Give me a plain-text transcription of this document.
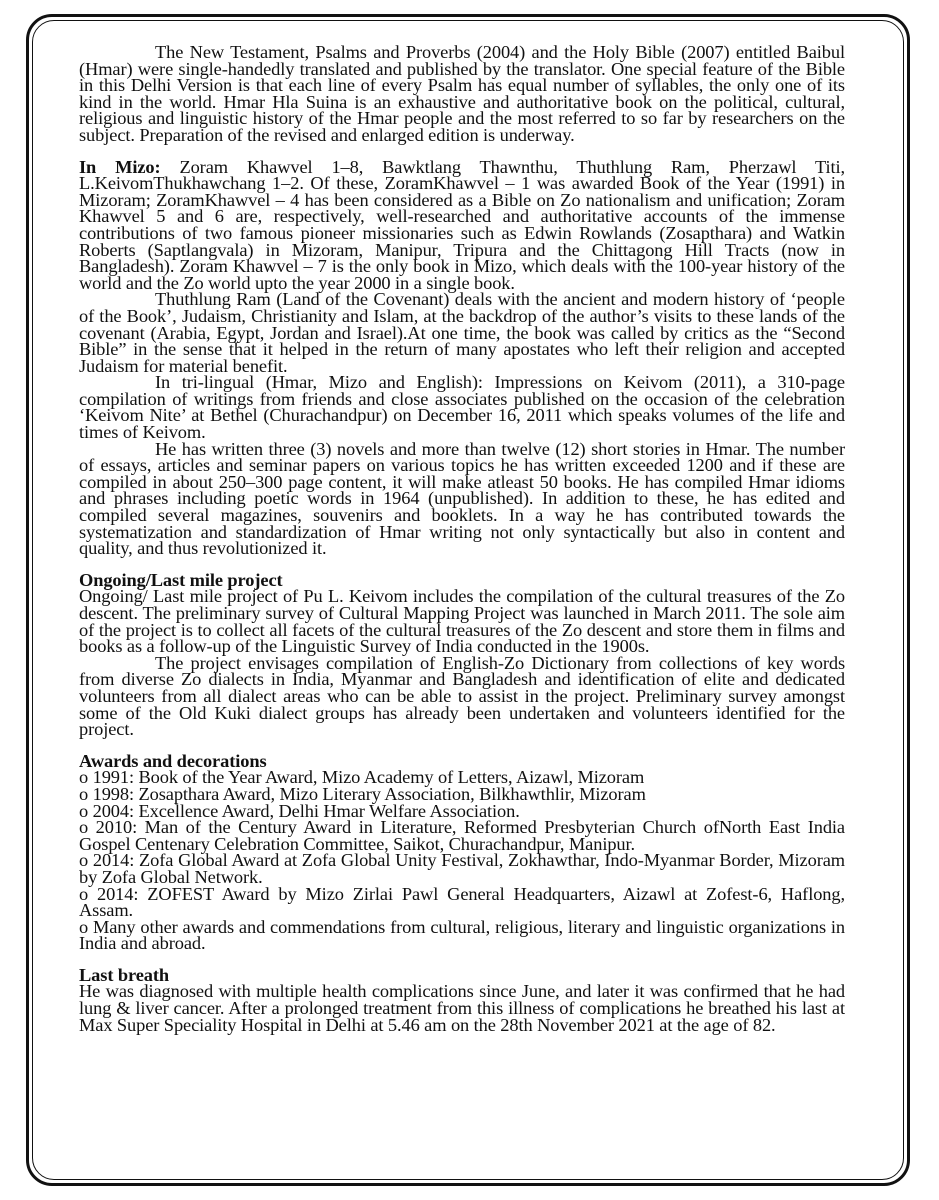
The New Testament, Psalms and Proverbs (2004) and the Holy Bible (2007) entitled Baibul (Hmar) were single-handedly translated and published by the translator. One special feature of the Bible in this Delhi Version is that each line of every Psalm has equal number of syllables, the only one of its kind in the world. Hmar Hla Suina is an exhaustive and authoritative book on the political, cultural, religious and linguistic history of the Hmar people and the most referred to so far by researchers on the subject. Preparation of the revised and enlarged edition is underway.

In Mizo: Zoram Khawvel 1–8, Bawktlang Thawnthu, Thuthlung Ram, Pherzawl Titi, L.KeivomThukhawchang 1–2. Of these, ZoramKhawvel – 1 was awarded Book of the Year (1991) in Mizoram; ZoramKhawvel – 4 has been considered as a Bible on Zo nationalism and unification; Zoram Khawvel 5 and 6 are, respectively, well-researched and authoritative accounts of the immense contributions of two famous pioneer missionaries such as Edwin Rowlands (Zosapthara) and Watkin Roberts (Saptlangvala) in Mizoram, Manipur, Tripura and the Chittagong Hill Tracts (now in Bangladesh). Zoram Khawvel – 7 is the only book in Mizo, which deals with the 100-year history of the world and the Zo world upto the year 2000 in a single book.

Thuthlung Ram (Land of the Covenant) deals with the ancient and modern history of ‘people of the Book’, Judaism, Christianity and Islam, at the backdrop of the author’s visits to these lands of the covenant (Arabia, Egypt, Jordan and Israel).At one time, the book was called by critics as the “Second Bible” in the sense that it helped in the return of many apostates who left their religion and accepted Judaism for material benefit.

In tri-lingual (Hmar, Mizo and English): Impressions on Keivom (2011), a 310-page compilation of writings from friends and close associates published on the occasion of the celebration ‘Keivom Nite’ at Bethel (Churachandpur) on December 16, 2011 which speaks volumes of the life and times of Keivom.

He has written three (3) novels and more than twelve (12) short stories in Hmar. The number of essays, articles and seminar papers on various topics he has written exceeded 1200 and if these are compiled in about 250–300 page content, it will make atleast 50 books. He has compiled Hmar idioms and phrases including poetic words in 1964 (unpublished). In addition to these, he has edited and compiled several magazines, souvenirs and booklets. In a way he has contributed towards the systematization and standardization of Hmar writing not only syntactically but also in content and quality, and thus revolutionized it.

Ongoing/Last mile project

Ongoing/ Last mile project of Pu L. Keivom includes the compilation of the cultural treasures of the Zo descent. The preliminary survey of Cultural Mapping Project was launched in March 2011. The sole aim of the project is to collect all facets of the cultural treasures of the Zo descent and store them in films and books as a follow-up of the Linguistic Survey of India conducted in the 1900s.

The project envisages compilation of English-Zo Dictionary from collections of key words from diverse Zo dialects in India, Myanmar and Bangladesh and identification of elite and dedicated volunteers from all dialect areas who can be able to assist in the project. Preliminary survey amongst some of the Old Kuki dialect groups has already been undertaken and volunteers identified for the project.

Awards and decorations

o 1991: Book of the Year Award, Mizo Academy of Letters, Aizawl, Mizoram

o 1998: Zosapthara Award, Mizo Literary Association, Bilkhawthlir, Mizoram

o 2004: Excellence Award, Delhi Hmar Welfare Association.

o 2010: Man of the Century Award in Literature, Reformed Presbyterian Church ofNorth East India Gospel Centenary Celebration Committee, Saikot, Churachandpur, Manipur.

o 2014: Zofa Global Award at Zofa Global Unity Festival, Zokhawthar, Indo-Myanmar Border, Mizoram by Zofa Global Network.

o 2014: ZOFEST Award by Mizo Zirlai Pawl General Headquarters, Aizawl at Zofest-6, Haflong, Assam.

o Many other awards and commendations from cultural, religious, literary and linguistic organizations in India and abroad.

Last breath

He was diagnosed with multiple health complications since June, and later it was confirmed that he had lung & liver cancer. After a prolonged treatment from this illness of complications he breathed his last at Max Super Speciality Hospital in Delhi at 5.46 am on the 28th November 2021 at the age of 82.
